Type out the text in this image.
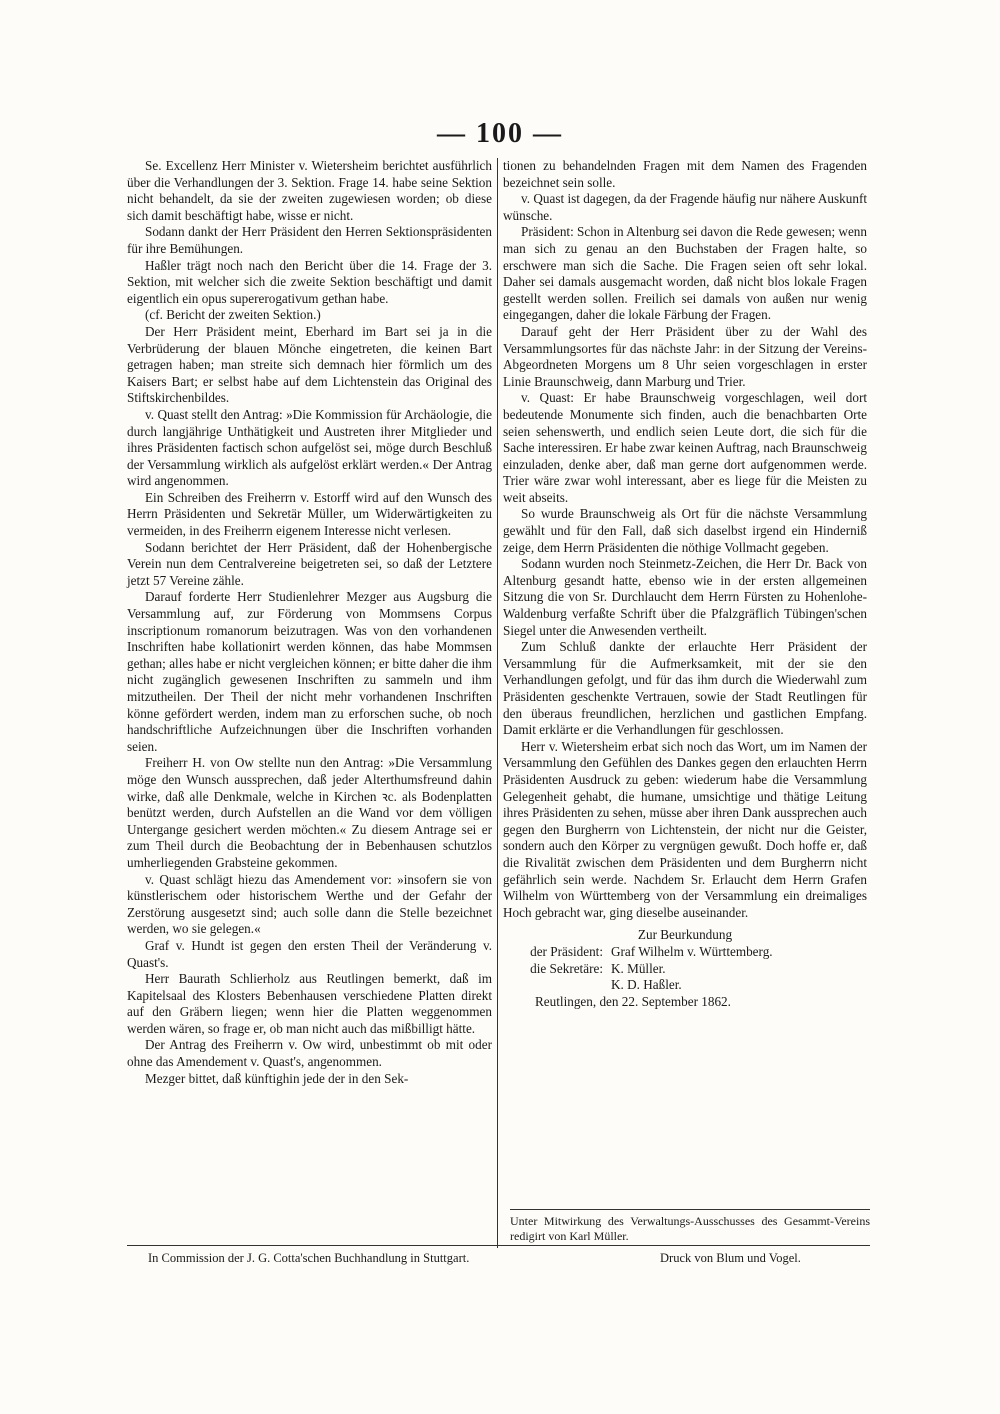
— 100 —

Se. Excellenz Herr Minister v. Wietersheim berichtet ausführlich über die Verhandlungen der 3. Sektion. Frage 14. habe seine Sektion nicht behandelt, da sie der zweiten zugewiesen worden; ob diese sich damit beschäftigt habe, wisse er nicht.

Sodann dankt der Herr Präsident den Herren Sektionspräsidenten für ihre Bemühungen.

Haßler trägt noch nach den Bericht über die 14. Frage der 3. Sektion, mit welcher sich die zweite Sektion beschäftigt und damit eigentlich ein opus supererogativum gethan habe.

(cf. Bericht der zweiten Sektion.)

Der Herr Präsident meint, Eberhard im Bart sei ja in die Verbrüderung der blauen Mönche eingetreten, die keinen Bart getragen haben; man streite sich demnach hier förmlich um des Kaisers Bart; er selbst habe auf dem Lichtenstein das Original des Stiftskirchenbildes.

v. Quast stellt den Antrag: »Die Kommission für Archäologie, die durch langjährige Unthätigkeit und Austreten ihrer Mitglieder und ihres Präsidenten factisch schon aufgelöst sei, möge durch Beschluß der Versammlung wirklich als aufgelöst erklärt werden.« Der Antrag wird angenommen.

Ein Schreiben des Freiherrn v. Estorff wird auf den Wunsch des Herrn Präsidenten und Sekretär Müller, um Widerwärtigkeiten zu vermeiden, in des Freiherrn eigenem Interesse nicht verlesen.

Sodann berichtet der Herr Präsident, daß der Hohenbergische Verein nun dem Centralvereine beigetreten sei, so daß der Letztere jetzt 57 Vereine zähle.

Darauf forderte Herr Studienlehrer Mezger aus Augsburg die Versammlung auf, zur Förderung von Mommsens Corpus inscriptionum romanorum beizutragen. Was von den vorhandenen Inschriften habe kollationirt werden können, das habe Mommsen gethan; alles habe er nicht vergleichen können; er bitte daher die ihm nicht zugänglich gewesenen Inschriften zu sammeln und ihm mitzutheilen. Der Theil der nicht mehr vorhandenen Inschriften könne gefördert werden, indem man zu erforschen suche, ob noch handschriftliche Aufzeichnungen über die Inschriften vorhanden seien.

Freiherr H. von Ow stellte nun den Antrag: »Die Versammlung möge den Wunsch aussprechen, daß jeder Alterthumsfreund dahin wirke, daß alle Denkmale, welche in Kirchen ꝛc. als Bodenplatten benützt werden, durch Aufstellen an die Wand vor dem völligen Untergange gesichert werden möchten.« Zu diesem Antrage sei er zum Theil durch die Beobachtung der in Bebenhausen schutzlos umherliegenden Grabsteine gekommen.

v. Quast schlägt hiezu das Amendement vor: »insofern sie von künstlerischem oder historischem Werthe und der Gefahr der Zerstörung ausgesetzt sind; auch solle dann die Stelle bezeichnet werden, wo sie gelegen.«

Graf v. Hundt ist gegen den ersten Theil der Veränderung v. Quast's.

Herr Baurath Schlierholz aus Reutlingen bemerkt, daß im Kapitelsaal des Klosters Bebenhausen verschiedene Platten direkt auf den Gräbern liegen; wenn hier die Platten weggenommen werden wären, so frage er, ob man nicht auch das mißbilligt hätte.

Der Antrag des Freiherrn v. Ow wird, unbestimmt ob mit oder ohne das Amendement v. Quast's, angenommen.

Mezger bittet, daß künftighin jede der in den Sek-

tionen zu behandelnden Fragen mit dem Namen des Fragenden bezeichnet sein solle.

v. Quast ist dagegen, da der Fragende häufig nur nähere Auskunft wünsche.

Präsident: Schon in Altenburg sei davon die Rede gewesen; wenn man sich zu genau an den Buchstaben der Fragen halte, so erschwere man sich die Sache. Die Fragen seien oft sehr lokal. Daher sei damals ausgemacht worden, daß nicht blos lokale Fragen gestellt werden sollen. Freilich sei damals von außen nur wenig eingegangen, daher die lokale Färbung der Fragen.

Darauf geht der Herr Präsident über zu der Wahl des Versammlungsortes für das nächste Jahr: in der Sitzung der Vereins-Abgeordneten Morgens um 8 Uhr seien vorgeschlagen in erster Linie Braunschweig, dann Marburg und Trier.

v. Quast: Er habe Braunschweig vorgeschlagen, weil dort bedeutende Monumente sich finden, auch die benachbarten Orte seien sehenswerth, und endlich seien Leute dort, die sich für die Sache interessiren. Er habe zwar keinen Auftrag, nach Braunschweig einzuladen, denke aber, daß man gerne dort aufgenommen werde. Trier wäre zwar wohl interessant, aber es liege für die Meisten zu weit abseits.

So wurde Braunschweig als Ort für die nächste Versammlung gewählt und für den Fall, daß sich daselbst irgend ein Hinderniß zeige, dem Herrn Präsidenten die nöthige Vollmacht gegeben.

Sodann wurden noch Steinmetz-Zeichen, die Herr Dr. Back von Altenburg gesandt hatte, ebenso wie in der ersten allgemeinen Sitzung die von Sr. Durchlaucht dem Herrn Fürsten zu Hohenlohe-Waldenburg verfaßte Schrift über die Pfalzgräflich Tübingen'schen Siegel unter die Anwesenden vertheilt.

Zum Schluß dankte der erlauchte Herr Präsident der Versammlung für die Aufmerksamkeit, mit der sie den Verhandlungen gefolgt, und für das ihm durch die Wiederwahl zum Präsidenten geschenkte Vertrauen, sowie der Stadt Reutlingen für den überaus freundlichen, herzlichen und gastlichen Empfang. Damit erklärte er die Verhandlungen für geschlossen.

Herr v. Wietersheim erbat sich noch das Wort, um im Namen der Versammlung den Gefühlen des Dankes gegen den erlauchten Herrn Präsidenten Ausdruck zu geben: wiederum habe die Versammlung Gelegenheit gehabt, die humane, umsichtige und thätige Leitung ihres Präsidenten zu sehen, müsse aber ihren Dank aussprechen auch gegen den Burgherrn von Lichtenstein, der nicht nur die Geister, sondern auch den Körper zu vergnügen gewußt. Doch hoffe er, daß die Rivalität zwischen dem Präsidenten und dem Burgherrn nicht gefährlich sein werde. Nachdem Sr. Erlaucht dem Herrn Grafen Wilhelm von Württemberg von der Versammlung ein dreimaliges Hoch gebracht war, ging dieselbe auseinander.

Zur Beurkundung

der Präsident: Graf Wilhelm v. Württemberg.
die Sekretäre: K. Müller.
K. D. Haßler.

Reutlingen, den 22. September 1862.

Unter Mitwirkung des Verwaltungs-Ausschusses des Gesammt-Vereins redigirt von Karl Müller.
In Commission der J. G. Cotta'schen Buchhandlung in Stuttgart.	Druck von Blum und Vogel.
